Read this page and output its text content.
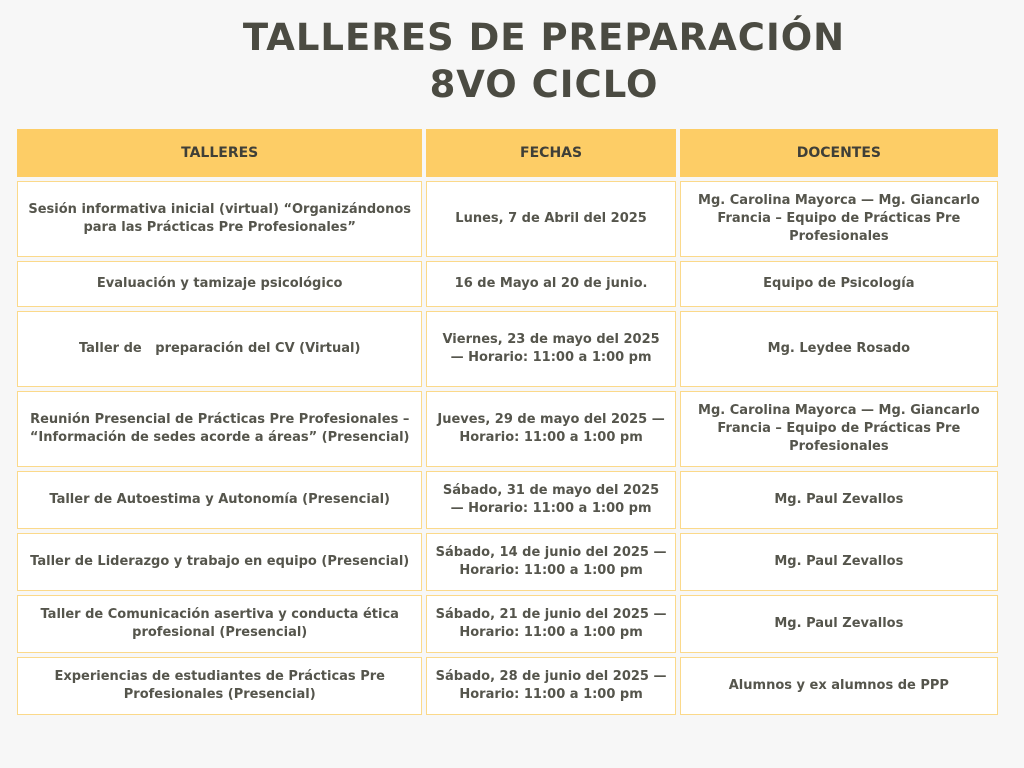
TALLERES DE PREPARACIÓN
8VO CICLO
TALLERES	FECHAS	DOCENTES
Sesión informativa inicial (virtual) “Organizándonos para las Prácticas Pre Profesionales”	Lunes, 7 de Abril del 2025	Mg. Carolina Mayorca — Mg. Giancarlo Francia – Equipo de Prácticas Pre Profesionales
Evaluación y tamizaje psicológico	16 de Mayo al 20 de junio.	Equipo de Psicología
Taller de   preparación del CV (Virtual)	Viernes, 23 de mayo del 2025 — Horario: 11:00 a 1:00 pm	Mg. Leydee Rosado
Reunión Presencial de Prácticas Pre Profesionales – “Información de sedes acorde a áreas” (Presencial)	Jueves, 29 de mayo del 2025 — Horario: 11:00 a 1:00 pm	Mg. Carolina Mayorca — Mg. Giancarlo Francia – Equipo de Prácticas Pre Profesionales
Taller de Autoestima y Autonomía (Presencial)	Sábado, 31 de mayo del 2025 — Horario: 11:00 a 1:00 pm	Mg. Paul Zevallos
Taller de Liderazgo y trabajo en equipo (Presencial)	Sábado, 14 de junio del 2025 — Horario: 11:00 a 1:00 pm	Mg. Paul Zevallos
Taller de Comunicación asertiva y conducta ética profesional (Presencial)	Sábado, 21 de junio del 2025 — Horario: 11:00 a 1:00 pm	Mg. Paul Zevallos
Experiencias de estudiantes de Prácticas Pre Profesionales (Presencial)	Sábado, 28 de junio del 2025 — Horario: 11:00 a 1:00 pm	Alumnos y ex alumnos de PPP
